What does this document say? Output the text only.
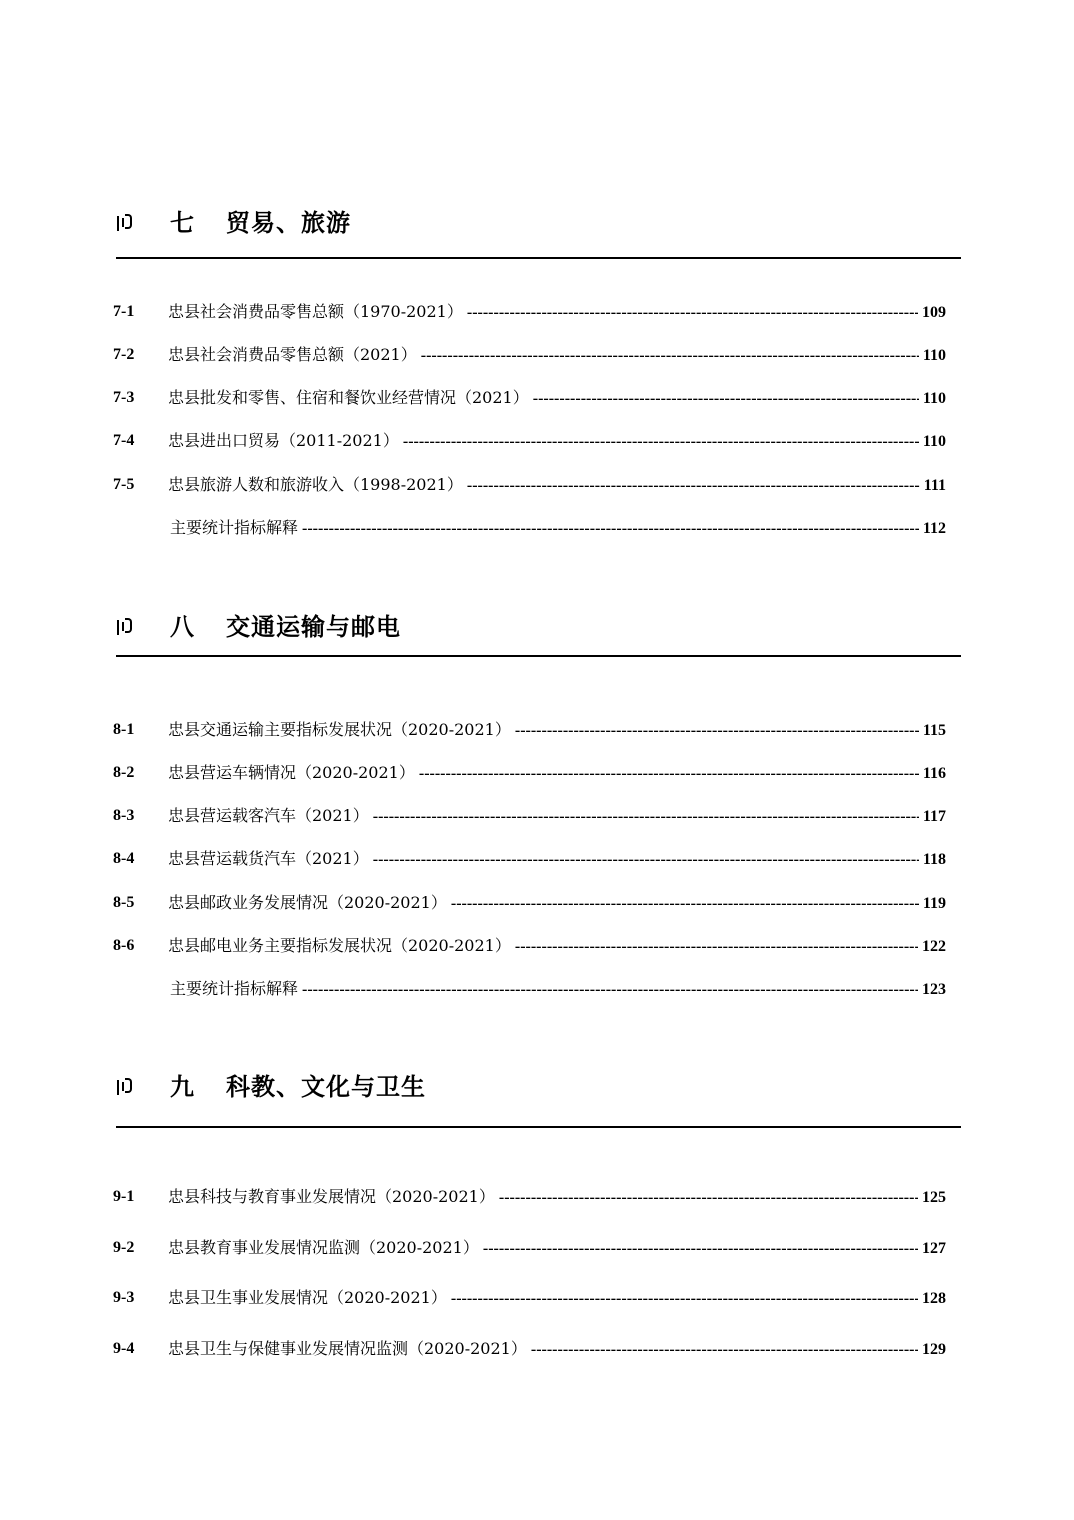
七 贸易、旅游
7-1 忠县社会消费品零售总额（1970-2021） -----	109
7-2 忠县社会消费品零售总额（2021） -----	110
7-3 忠县批发和零售、住宿和餐饮业经营情况（2021） -----	110
7-4 忠县进出口贸易（2011-2021） -----	110
7-5 忠县旅游人数和旅游收入（1998-2021） -----	111
主要统计指标解释 -----	112
八 交通运输与邮电
8-1 忠县交通运输主要指标发展状况（2020-2021） -----	115
8-2 忠县营运车辆情况（2020-2021） -----	116
8-3 忠县营运载客汽车（2021） -----	117
8-4 忠县营运载货汽车（2021） -----	118
8-5 忠县邮政业务发展情况（2020-2021） -----	119
8-6 忠县邮电业务主要指标发展状况（2020-2021） -----	122
主要统计指标解释 -----	123
九 科教、文化与卫生
9-1 忠县科技与教育事业发展情况（2020-2021） -----	125
9-2 忠县教育事业发展情况监测（2020-2021） -----	127
9-3 忠县卫生事业发展情况（2020-2021） -----	128
9-4 忠县卫生与保健事业发展情况监测（2020-2021） -----	129
